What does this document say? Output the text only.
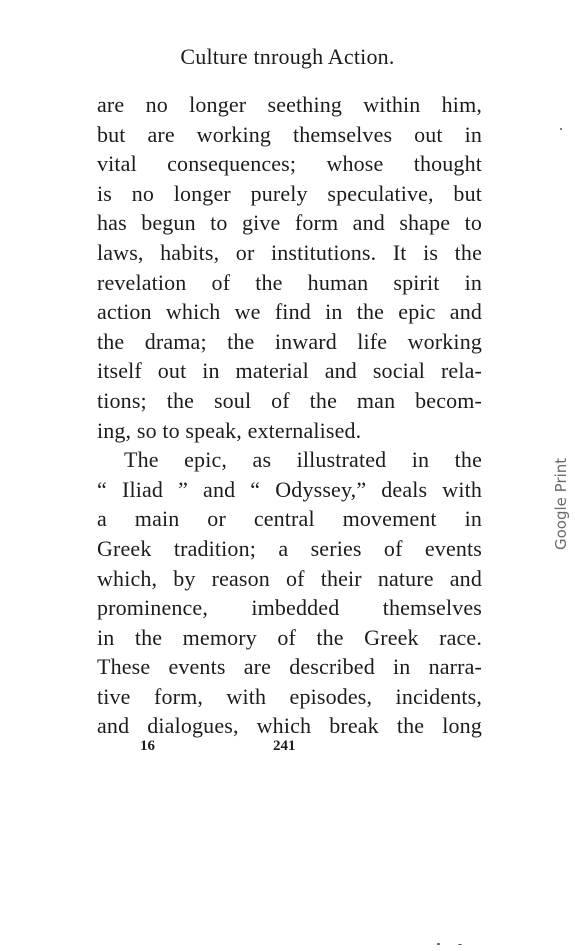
Culture tnrough Action.
are no longer seething within him,
but are working themselves out in
vital consequences; whose thought
is no longer purely speculative, but
has begun to give form and shape to
laws, habits, or institutions. It is the
revelation of the human spirit in
action which we find in the epic and
the drama; the inward life working
itself out in material and social rela-
tions; the soul of the man becom-
ing, so to speak, externalised.
The epic, as illustrated in the
“ Iliad ” and “ Odyssey,” deals with
a main or central movement in
Greek tradition; a series of events
which, by reason of their nature and
prominence, imbedded themselves
in the memory of the Greek race.
These events are described in narra-
tive form, with episodes, incidents,
and dialogues, which break the long
16	241
Google Print
